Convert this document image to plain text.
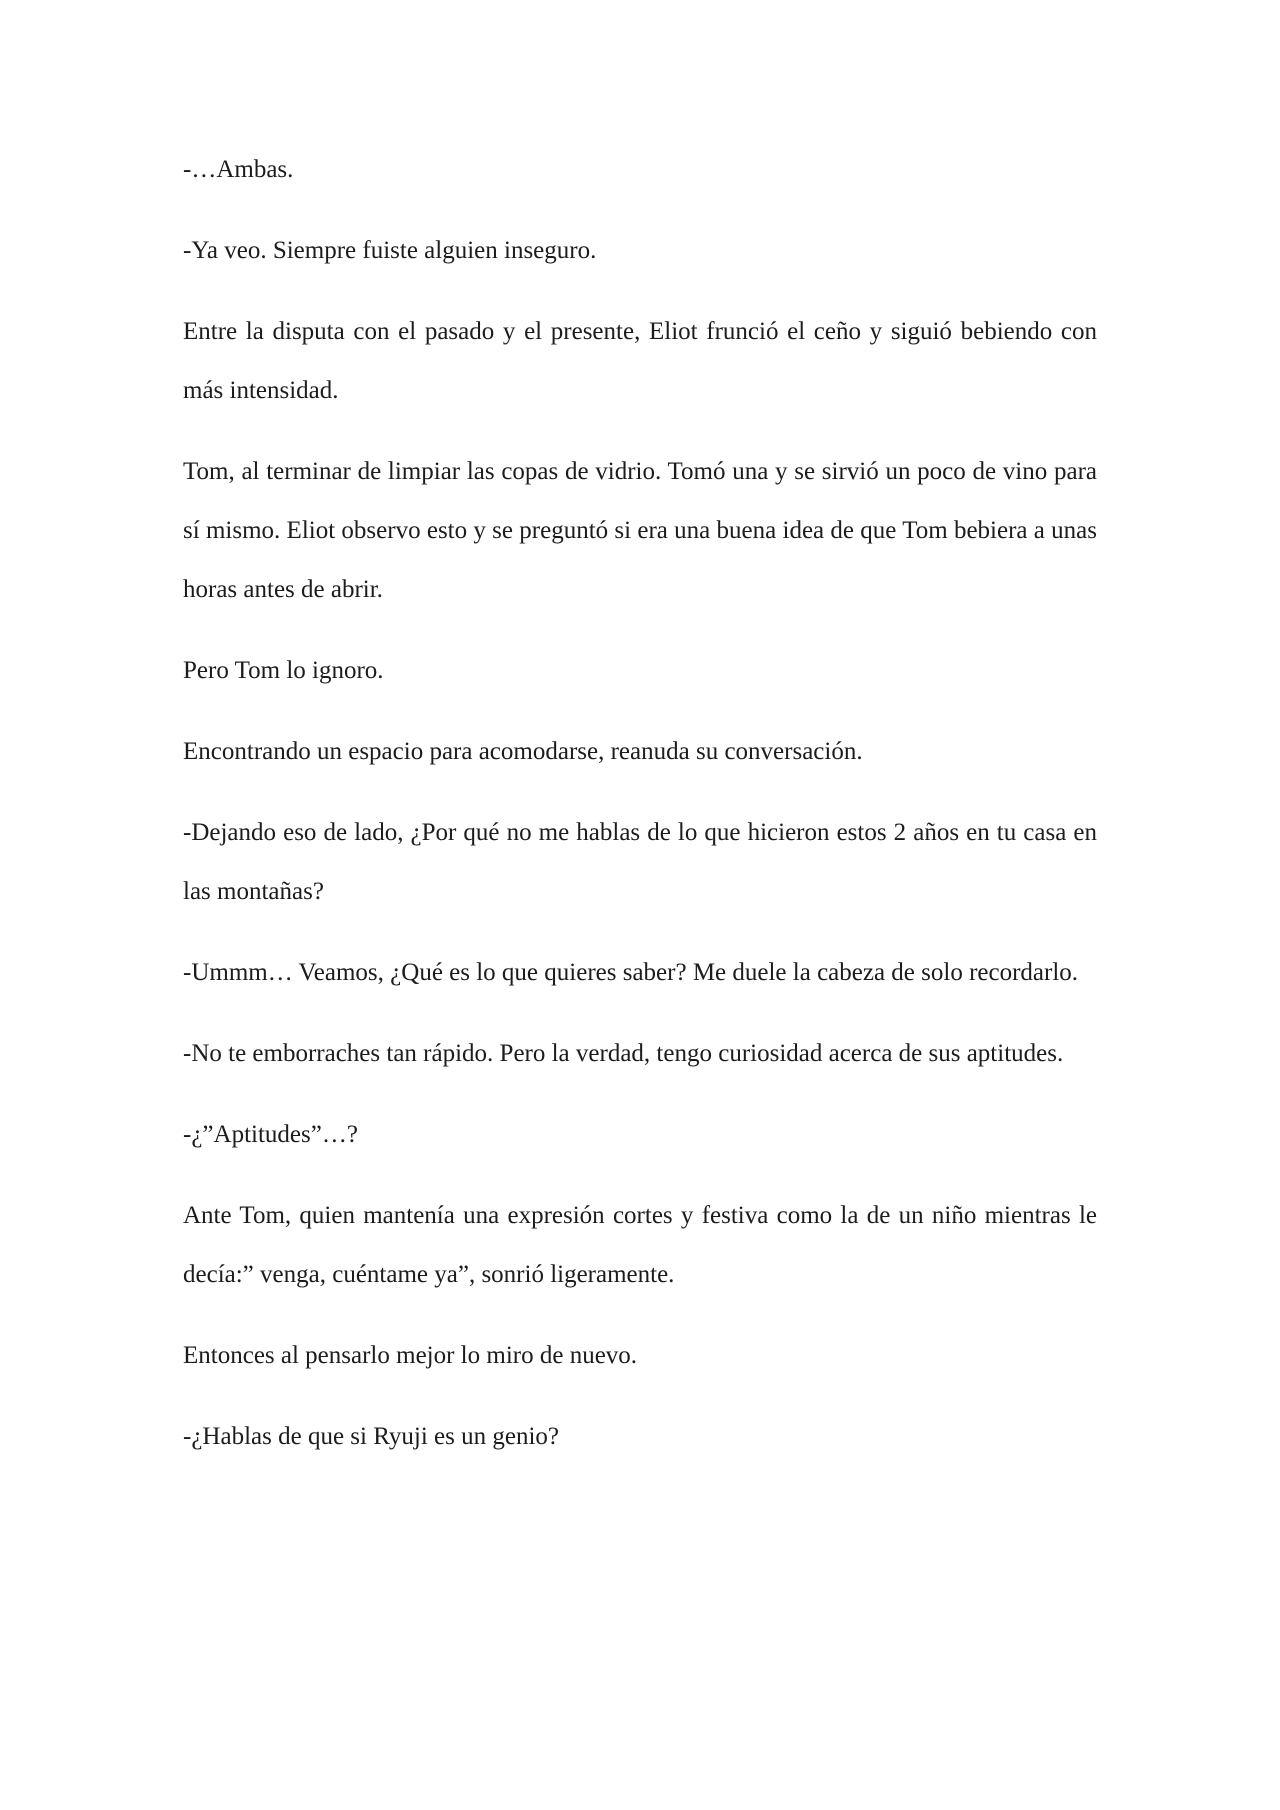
-…Ambas.

-Ya veo. Siempre fuiste alguien inseguro.

Entre la disputa con el pasado y el presente, Eliot frunció el ceño y siguió bebiendo con más intensidad.

Tom, al terminar de limpiar las copas de vidrio. Tomó una y se sirvió un poco de vino para sí mismo. Eliot observo esto y se preguntó si era una buena idea de que Tom bebiera a unas horas antes de abrir.

Pero Tom lo ignoro.

Encontrando un espacio para acomodarse, reanuda su conversación.

-Dejando eso de lado, ¿Por qué no me hablas de lo que hicieron estos 2 años en tu casa en las montañas?

-Ummm… Veamos, ¿Qué es lo que quieres saber? Me duele la cabeza de solo recordarlo.

-No te emborraches tan rápido. Pero la verdad, tengo curiosidad acerca de sus aptitudes.

-¿”Aptitudes”…?

Ante Tom, quien mantenía una expresión cortes y festiva como la de un niño mientras le decía:” venga, cuéntame ya”, sonrió ligeramente.

Entonces al pensarlo mejor lo miro de nuevo.

-¿Hablas de que si Ryuji es un genio?
